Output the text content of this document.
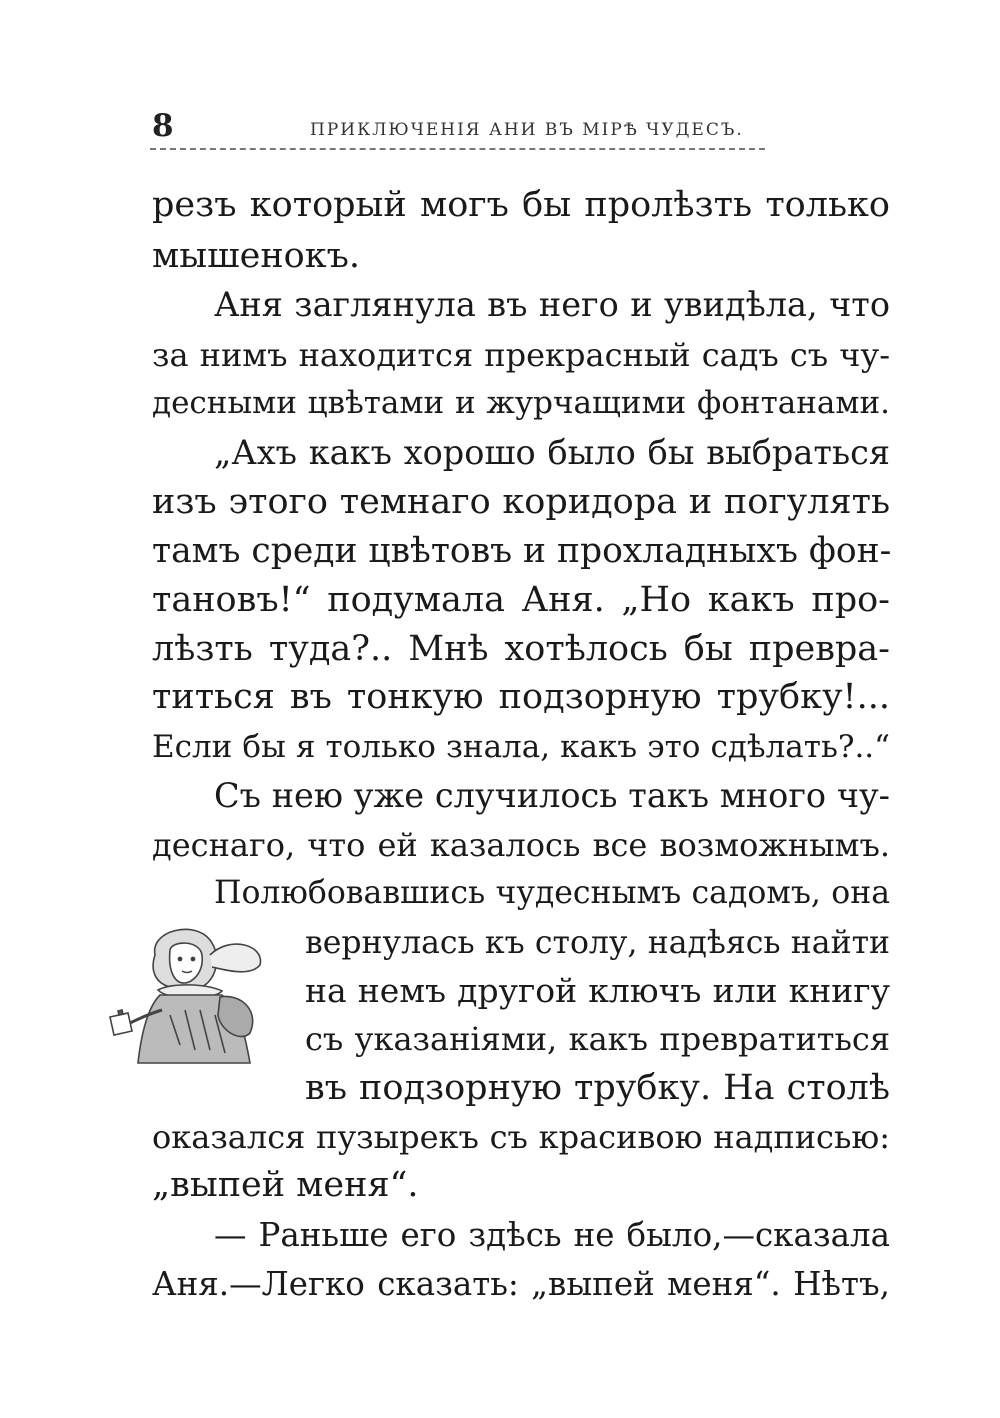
8	ПРИКЛЮЧЕНІЯ АНИ ВЪ МІРѢ ЧУДЕСЪ.
резъ который могъ бы пролѣзть только
мышенокъ.
Аня заглянула въ него и увидѣла, что
за нимъ находится прекрасный садъ съ чу-
десными цвѣтами и журчащими фонтанами.
„Ахъ какъ хорошо было бы выбраться
изъ этого темнаго коридора и погулять
тамъ среди цвѣтовъ и прохладныхъ фон-
тановъ!“ подумала Аня. „Но какъ про-
лѣзть туда?.. Мнѣ хотѣлось бы превра-
титься въ тонкую подзорную трубку!...
Если бы я только знала, какъ это сдѣлать?..“
Съ нею уже случилось такъ много чу-
деснаго, что ей казалось все возможнымъ.
Полюбовавшись чудеснымъ садомъ, она
вернулась къ столу, надѣясь найти
на немъ другой ключъ или книгу
съ указаніями, какъ превратиться
въ подзорную трубку. На столѣ
оказался пузырекъ съ красивою надписью:
„выпей меня“.
— Раньше его здѣсь не было,—сказала
Аня.—Легко сказать: „выпей меня“. Нѣтъ,
